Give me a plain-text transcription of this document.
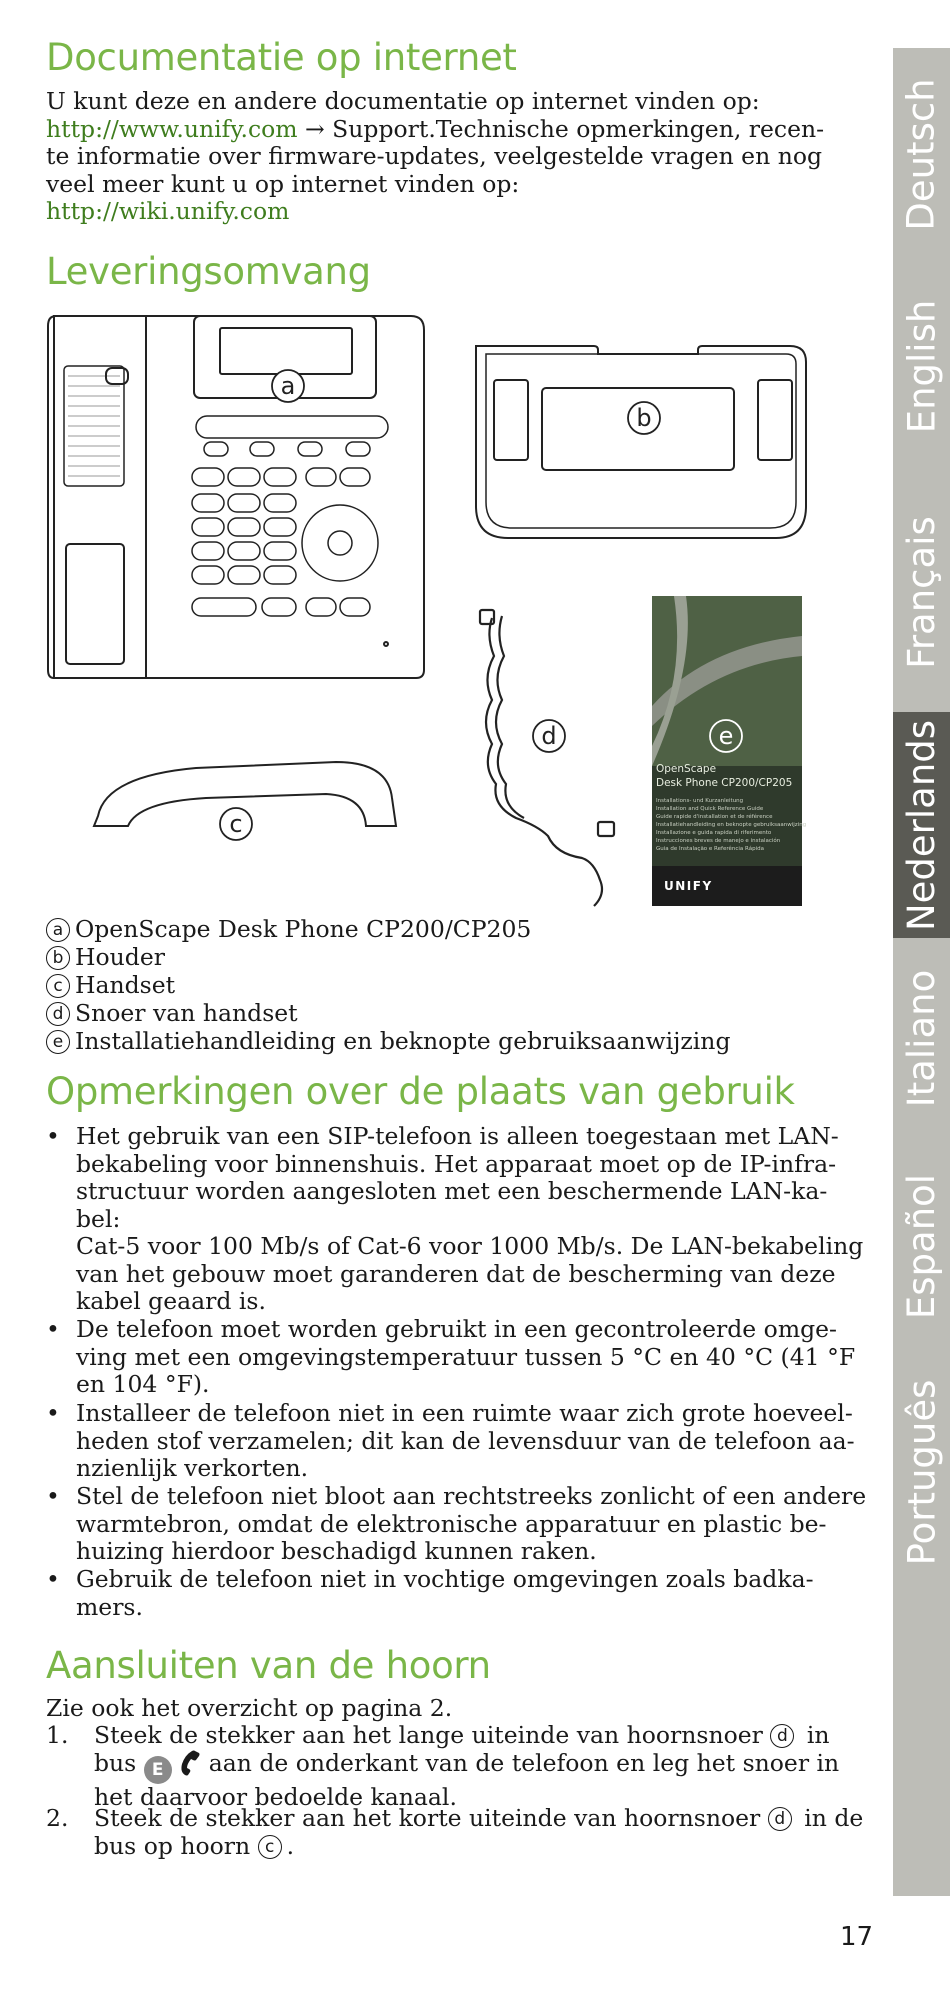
Deutsch
English
Français
Nederlands
Italiano
Español
Português
Documentatie op internet
U kunt deze en andere documentatie op internet vinden op:
http://www.unify.com → Support.Technische opmerkingen, recen-
te informatie over firmware-updates, veelgestelde vragen en nog
veel meer kunt u op internet vinden op:
http://wiki.unify.com
Leveringsomvang
OpenScape
Desk Phone CP200/CP205
Installations- und Kurzanleitung
Installation and Quick Reference Guide
Guide rapide d'installation et de référence
Installatiehandleiding en beknopte gebruiksaanwijzing
Installazione e guida rapida di riferimento
Instrucciones breves de manejo e instalación
Guia de Instalação e Referência Rápida
UNIFY
a
b
c
d	e
a OpenScape Desk Phone CP200/CP205
b Houder
c Handset
d Snoer van handset
e Installatiehandleiding en beknopte gebruiksaanwijzing
Opmerkingen over de plaats van gebruik
• Het gebruik van een SIP-telefoon is alleen toegestaan met LAN-

bekabeling voor binnenshuis. Het apparaat moet op de IP-infra-

structuur worden aangesloten met een beschermende LAN-ka-

bel:

Cat-5 voor 100 Mb/s of Cat-6 voor 1000 Mb/s. De LAN-bekabeling

van het gebouw moet garanderen dat de bescherming van deze

kabel geaard is.

• De telefoon moet worden gebruikt in een gecontroleerde omge-

ving met een omgevingstemperatuur tussen 5 °C en 40 °C (41 °F

en 104 °F).

• Installeer de telefoon niet in een ruimte waar zich grote hoeveel-

heden stof verzamelen; dit kan de levensduur van de telefoon aa-

nzienlijk verkorten.

• Stel de telefoon niet bloot aan rechtstreeks zonlicht of een andere

warmtebron, omdat de elektronische apparatuur en plastic be-

huizing hierdoor beschadigd kunnen raken.

• Gebruik de telefoon niet in vochtige omgevingen zoals badka-

mers.

Aansluiten van de hoorn
Zie ook het overzicht op pagina 2.
1. Steek de stekker aan het lange uiteinde van hoornsnoer d in
bus E  aan de onderkant van de telefoon en leg het snoer in
het daarvoor bedoelde kanaal.
2. Steek de stekker aan het korte uiteinde van hoornsnoer d in de
bus op hoorn c .
17
